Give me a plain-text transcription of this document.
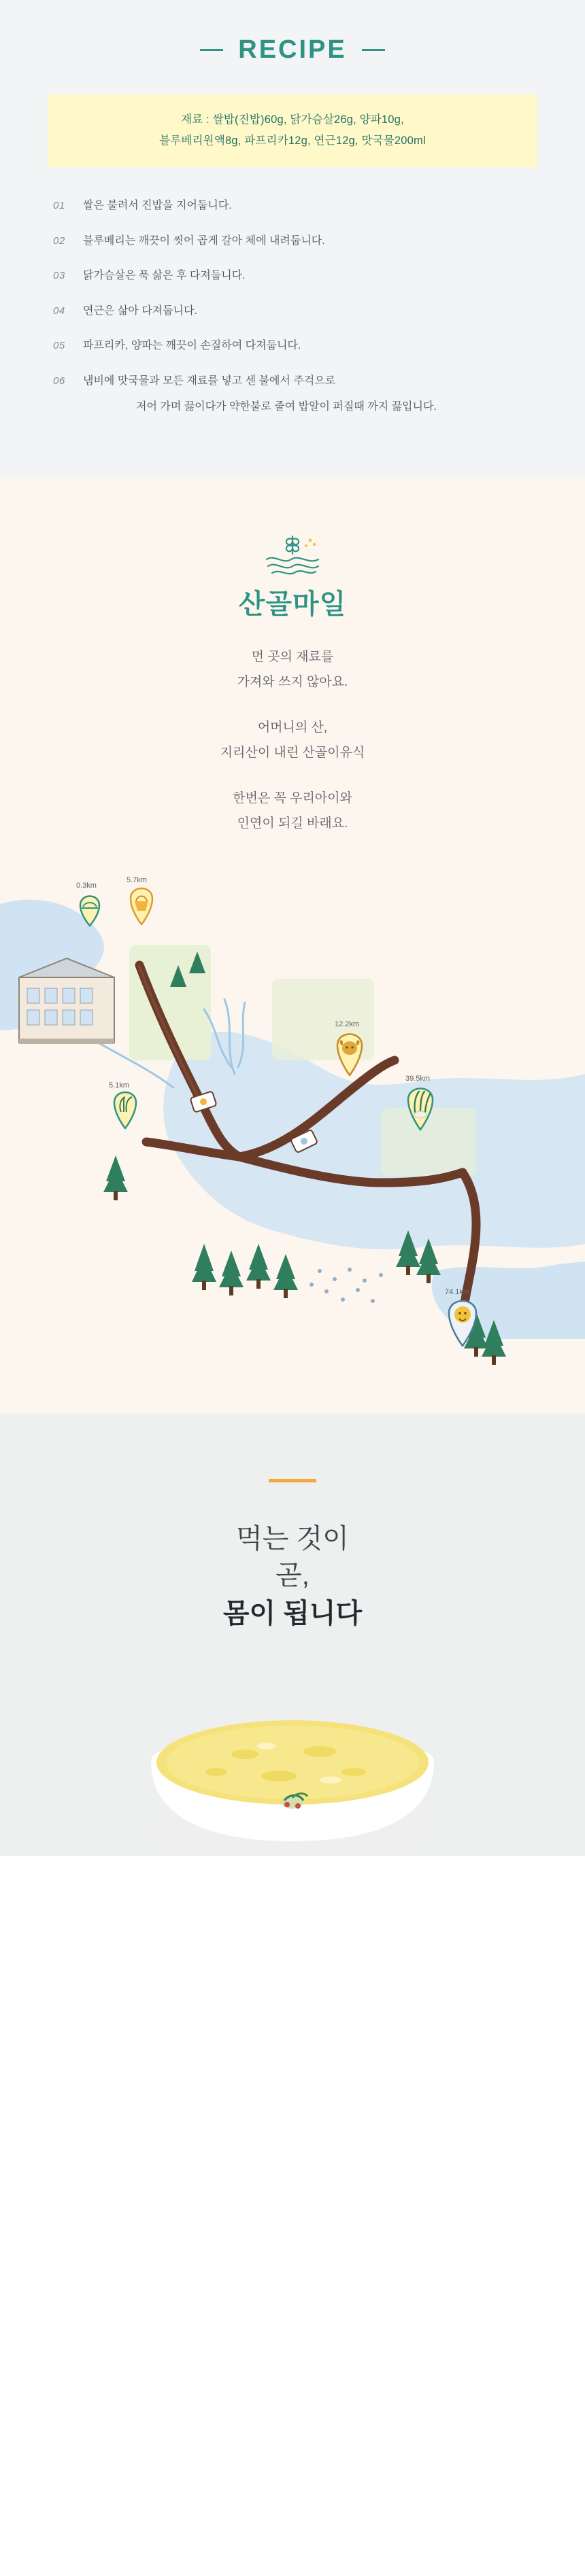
RECIPE
재료 : 쌀밥(진밥)60g, 닭가슴살26g, 양파10g,
블루베리원액8g, 파프리카12g, 연근12g, 맛국물200ml
01	쌀은 불려서 진밥을 지어둡니다.
02	블루베리는 깨끗이 씻어 곱게 갈아 체에 내려둡니다.
03	닭가슴살은 푹 삶은 후 다져둡니다.
04	연근은 삶아 다져둡니다.
05	파프리카, 양파는 깨끗이 손질하여 다져둡니다.
06	냄비에 맛국물과 모든 재료를 넣고 센 불에서 주걱으로
저어 가며 끓이다가 약한불로 줄여 밥알이 퍼질때 까지 끓입니다.
산골마일

먼 곳의 재료를

가져와 쓰지 않아요.

어머니의 산,

지리산이 내린 산골이유식

한번은 꼭 우리아이와

인연이 되길 바래요.

0.3km
5.7km
5.1km
12.2km
39.5km
74.1km
먹는 것이
곧,
몸이 됩니다
